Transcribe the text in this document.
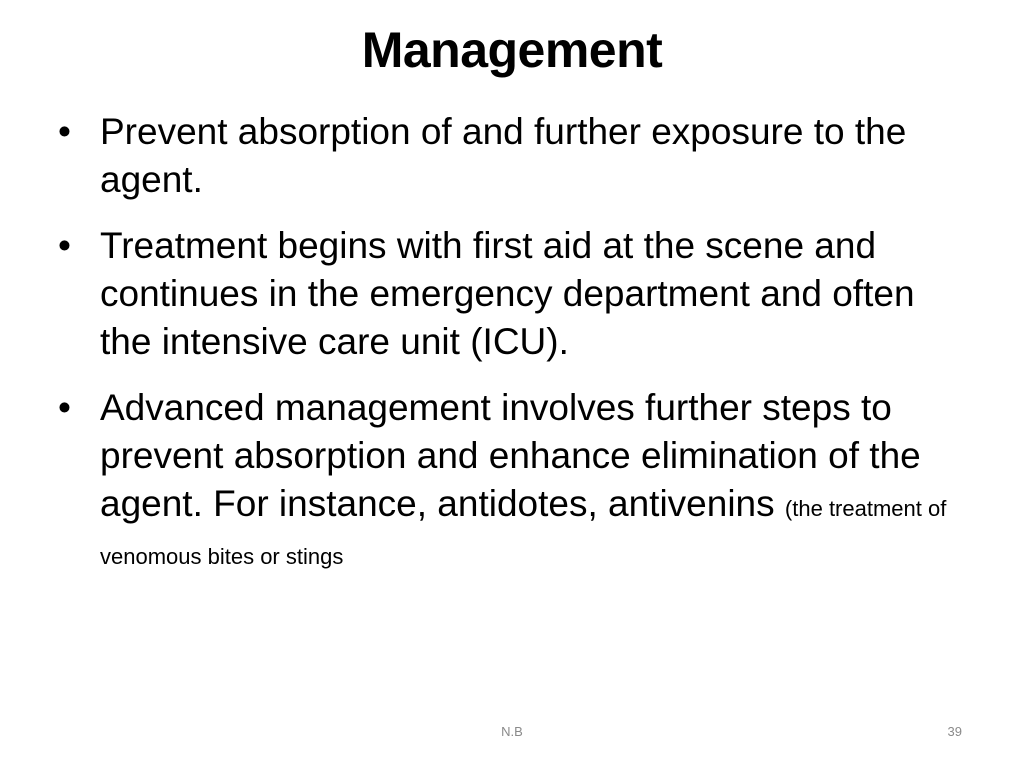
Management
• Prevent absorption of and further exposure to the agent.
• Treatment begins with first aid at the scene and continues in the emergency department and often the intensive care unit (ICU).
• Advanced management involves further steps to prevent absorption and enhance elimination of the agent. For instance, antidotes, antivenins (the treatment of venomous bites or stings
N.B	39
